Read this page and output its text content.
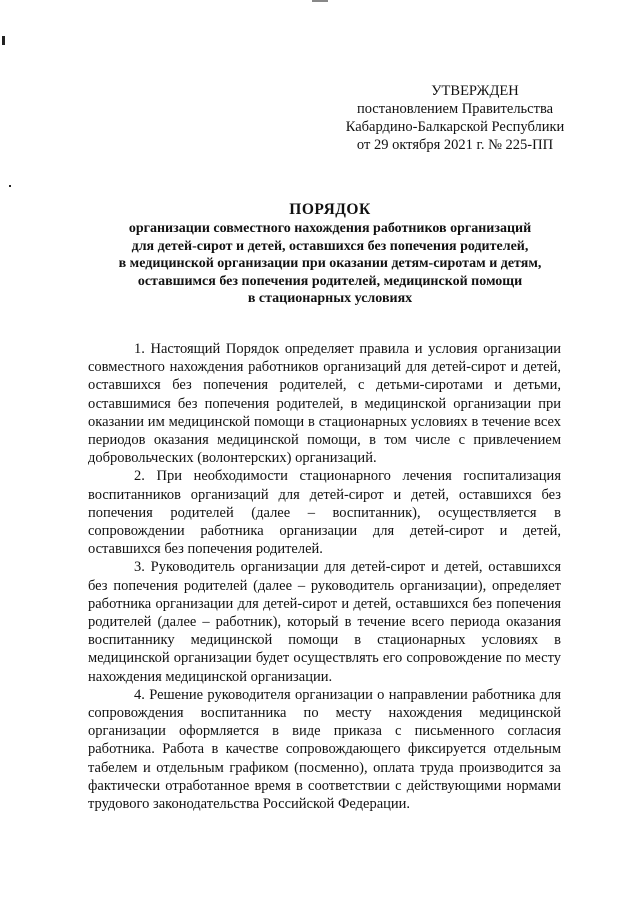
УТВЕРЖДЕН
постановлением Правительства
Кабардино-Балкарской Республики
от 29 октября 2021 г. № 225-ПП
ПОРЯДОК
организации совместного нахождения работников организаций
для детей-сирот и детей, оставшихся без попечения родителей,
в медицинской организации при оказании детям-сиротам и детям,
оставшимся без попечения родителей, медицинской помощи
в стационарных условиях

1. Настоящий Порядок определяет правила и условия организации совместного нахождения работников организаций для детей-сирот и детей, оставшихся без попечения родителей, с детьми-сиротами и детьми, оставшимися без попечения родителей, в медицинской организации при оказании им медицинской помощи в стационарных условиях в течение всех периодов оказания медицинской помощи, в том числе с привлечением добровольческих (волонтерских) организаций.

2. При необходимости стационарного лечения госпитализация воспитанников организаций для детей-сирот и детей, оставшихся без попечения родителей (далее – воспитанник), осуществляется в сопровождении работника организации для детей-сирот и детей, оставшихся без попечения родителей.

3. Руководитель организации для детей-сирот и детей, оставшихся без попечения родителей (далее – руководитель организации), определяет работника организации для детей-сирот и детей, оставшихся без попечения родителей (далее – работник), который в течение всего периода оказания воспитаннику медицинской помощи в стационарных условиях в медицинской организации будет осуществлять его сопровождение по месту нахождения медицинской организации.

4. Решение руководителя организации о направлении работника для сопровождения воспитанника по месту нахождения медицинской организации оформляется в виде приказа с письменного согласия работника. Работа в качестве сопровождающего фиксируется отдельным табелем и отдельным графиком (посменно), оплата труда производится за фактически отработанное время в соответствии с действующими нормами трудового законодательства Российской Федерации.
